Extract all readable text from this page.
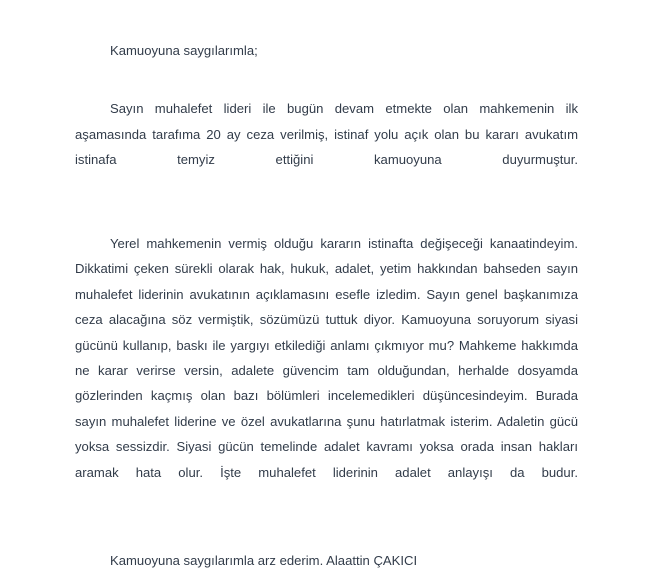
Kamuoyuna saygılarımla;

Sayın muhalefet lideri ile bugün devam etmekte olan mahkemenin ilk aşamasında tarafıma 20 ay ceza verilmiş, istinaf yolu açık olan bu kararı avukatım istinafa temyiz ettiğini kamuoyuna duyurmuştur.

Yerel mahkemenin vermiş olduğu kararın istinafta değişeceği kanaatindeyim. Dikkatimi çeken sürekli olarak hak, hukuk, adalet, yetim hakkından bahseden sayın muhalefet liderinin avukatının açıklamasını esefle izledim. Sayın genel başkanımıza ceza alacağına söz vermiştik, sözümüzü tuttuk diyor. Kamuoyuna soruyorum siyasi gücünü kullanıp, baskı ile yargıyı etkilediği anlamı çıkmıyor mu? Mahkeme hakkımda ne karar verirse versin, adalete güvencim tam olduğundan, herhalde dosyamda gözlerinden kaçmış olan bazı bölümleri incelemedikleri düşüncesindeyim. Burada sayın muhalefet liderine ve özel avukatlarına şunu hatırlatmak isterim. Adaletin gücü yoksa sessizdir. Siyasi gücün temelinde adalet kavramı yoksa orada insan hakları aramak hata olur. İşte muhalefet liderinin adalet anlayışı da budur.

Kamuoyuna saygılarımla arz ederim. Alaattin ÇAKICI
